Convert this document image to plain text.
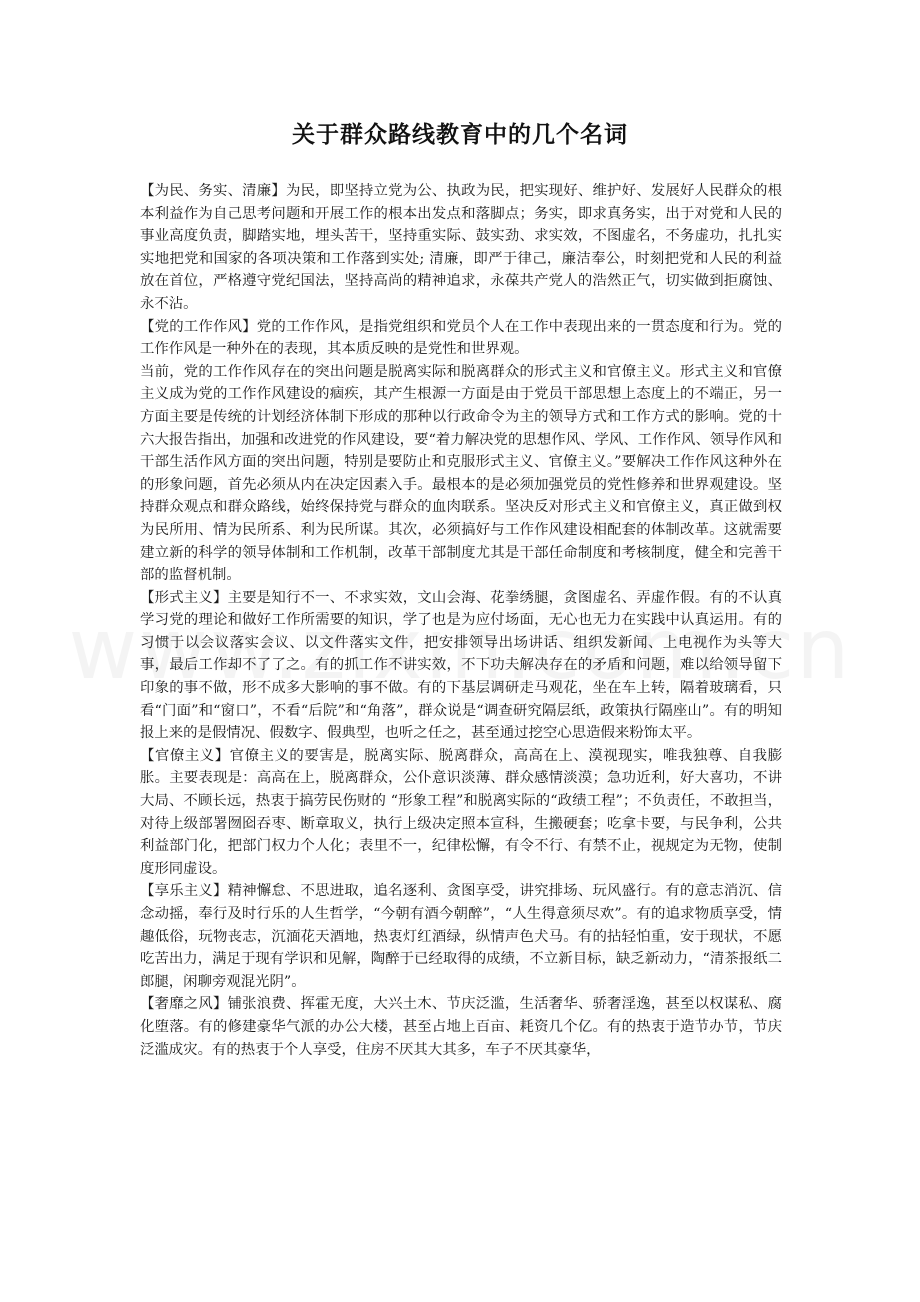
关于群众路线教育中的几个名词

【为民、务实、清廉】为民，即坚持立党为公、执政为民，把实现好、维护好、发展好人民群众的根本利益作为自己思考问题和开展工作的根本出发点和落脚点；务实，即求真务实，出于对党和人民的事业高度负责，脚踏实地，埋头苦干，坚持重实际、鼓实劲、求实效，不图虚名，不务虚功，扎扎实实地把党和国家的各项决策和工作落到实处; 清廉，即严于律己，廉洁奉公，时刻把党和人民的利益放在首位，严格遵守党纪国法，坚持高尚的精神追求，永葆共产党人的浩然正气，切实做到拒腐蚀、永不沾。

【党的工作作风】党的工作作风，是指党组织和党员个人在工作中表现出来的一贯态度和行为。党的工作作风是一种外在的表现，其本质反映的是党性和世界观。

当前，党的工作作风存在的突出问题是脱离实际和脱离群众的形式主义和官僚主义。形式主义和官僚主义成为党的工作作风建设的痼疾，其产生根源一方面是由于党员干部思想上态度上的不端正，另一方面主要是传统的计划经济体制下形成的那种以行政命令为主的领导方式和工作方式的影响。党的十六大报告指出，加强和改进党的作风建设，要“着力解决党的思想作风、学风、工作作风、领导作风和干部生活作风方面的突出问题，特别是要防止和克服形式主义、官僚主义。”要解决工作作风这种外在的形象问题，首先必须从内在决定因素入手。最根本的是必须加强党员的党性修养和世界观建设。坚持群众观点和群众路线，始终保持党与群众的血肉联系。坚决反对形式主义和官僚主义，真正做到权为民所用、情为民所系、利为民所谋。其次，必须搞好与工作作风建设相配套的体制改革。这就需要建立新的科学的领导体制和工作机制，改革干部制度尤其是干部任命制度和考核制度，健全和完善干部的监督机制。

【形式主义】主要是知行不一、不求实效，文山会海、花拳绣腿，贪图虚名、弄虚作假。有的不认真学习党的理论和做好工作所需要的知识，学了也是为应付场面，无心也无力在实践中认真运用。有的习惯于以会议落实会议、以文件落实文件，把安排领导出场讲话、组织发新闻、上电视作为头等大事，最后工作却不了了之。有的抓工作不讲实效，不下功夫解决存在的矛盾和问题，难以给领导留下印象的事不做，形不成多大影响的事不做。有的下基层调研走马观花，坐在车上转，隔着玻璃看，只看“门面”和“窗口”，不看“后院”和“角落”，群众说是“调查研究隔层纸，政策执行隔座山”。有的明知报上来的是假情况、假数字、假典型，也听之任之，甚至通过挖空心思造假来粉饰太平。

【官僚主义】官僚主义的要害是，脱离实际、脱离群众，高高在上、漠视现实，唯我独尊、自我膨胀。主要表现是：高高在上，脱离群众，公仆意识淡薄、群众感情淡漠；急功近利，好大喜功，不讲大局、不顾长远，热衷于搞劳民伤财的 “形象工程”和脱离实际的“政绩工程”；不负责任，不敢担当，对待上级部署囫囵吞枣、断章取义，执行上级决定照本宣科，生搬硬套；吃拿卡要，与民争利，公共利益部门化，把部门权力个人化；表里不一，纪律松懈，有令不行、有禁不止，视规定为无物，使制度形同虚设。

【享乐主义】精神懈怠、不思进取，追名逐利、贪图享受，讲究排场、玩风盛行。有的意志消沉、信念动摇，奉行及时行乐的人生哲学，“今朝有酒今朝醉”，“人生得意须尽欢”。有的追求物质享受，情趣低俗，玩物丧志，沉湎花天酒地，热衷灯红酒绿，纵情声色犬马。有的拈轻怕重，安于现状，不愿吃苦出力，满足于现有学识和见解，陶醉于已经取得的成绩，不立新目标，缺乏新动力，“清茶报纸二郎腿，闲聊旁观混光阴”。

【奢靡之风】铺张浪费、挥霍无度，大兴土木、节庆泛滥，生活奢华、骄奢淫逸，甚至以权谋私、腐化堕落。有的修建豪华气派的办公大楼，甚至占地上百亩、耗资几个亿。有的热衷于造节办节，节庆泛滥成灾。有的热衷于个人享受，住房不厌其大其多，车子不厌其豪华，
